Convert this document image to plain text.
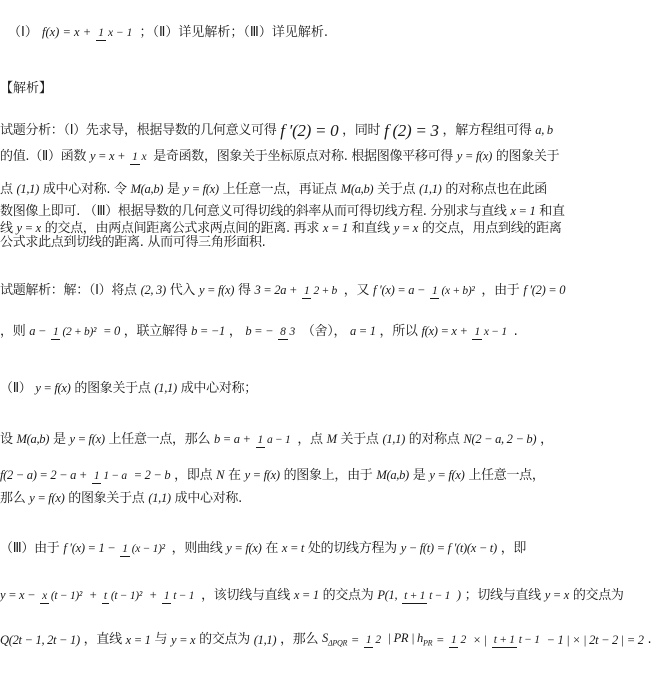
（Ⅰ） f(x) = x + 1 x − 1 ；（Ⅱ）详见解析；（Ⅲ）详见解析.
【解析】
试题分析：（Ⅰ）先求导，根据导数的几何意义可得 f ′(2) = 0 ，同时 f (2) = 3 ，解方程组可得 a, b
的值.（Ⅱ）函数 y = x + 1 x 是奇函数，图象关于坐标原点对称. 根据图像平移可得 y = f(x) 的图象关于
点 (1,1) 成中心对称. 令 M(a,b) 是 y = f(x) 上任意一点，再证点 M(a,b) 关于点 (1,1) 的对称点也在此函
数图像上即可. （Ⅲ）根据导数的几何意义可得切线的斜率从而可得切线方程. 分别求与直线 x = 1 和直
线 y = x 的交点，由两点间距离公式求两点间的距离. 再求 x = 1 和直线 y = x 的交点，用点到线的距离
公式求此点到切线的距离. 从而可得三角形面积.
试题解析：解：（Ⅰ）将点 (2, 3) 代入 y = f(x) 得 3 = 2a + 1 2 + b ，又 f ′(x) = a − 1 (x + b)² ，由于 f ′(2) = 0
，则 a − 1 (2 + b)² = 0 ，联立解得 b = −1 ， b = − 8 3 （舍）， a = 1 ，所以 f(x) = x + 1 x − 1 .
（Ⅱ） y = f(x) 的图象关于点 (1,1) 成中心对称；
设 M(a,b) 是 y = f(x) 上任意一点，那么 b = a + 1 a − 1 ，点 M 关于点 (1,1) 的对称点 N(2 − a, 2 − b) ，
f(2 − a) = 2 − a + 1 1 − a = 2 − b ，即点 N 在 y = f(x) 的图象上，由于 M(a,b) 是 y = f(x) 上任意一点，
那么 y = f(x) 的图象关于点 (1,1) 成中心对称.
（Ⅲ）由于 f ′(x) = 1 − 1 (x − 1)² ，则曲线 y = f(x) 在 x = t 处的切线方程为 y − f(t) = f ′(t)(x − t) ，即
y = x − x (t − 1)² + t (t − 1)² + 1 t − 1 ，该切线与直线 x = 1 的交点为 P(1, t + 1 t − 1 ) ；切线与直线 y = x 的交点为
Q(2t − 1, 2t − 1) ，直线 x = 1 与 y = x 的交点为 (1,1) ，那么 $S_{\Delta PQR} = 1$ 2 | PR | $h_{PR} = 1$ 2 × | t + 1 t − 1 − 1 | × | 2t − 2 | = 2 .
